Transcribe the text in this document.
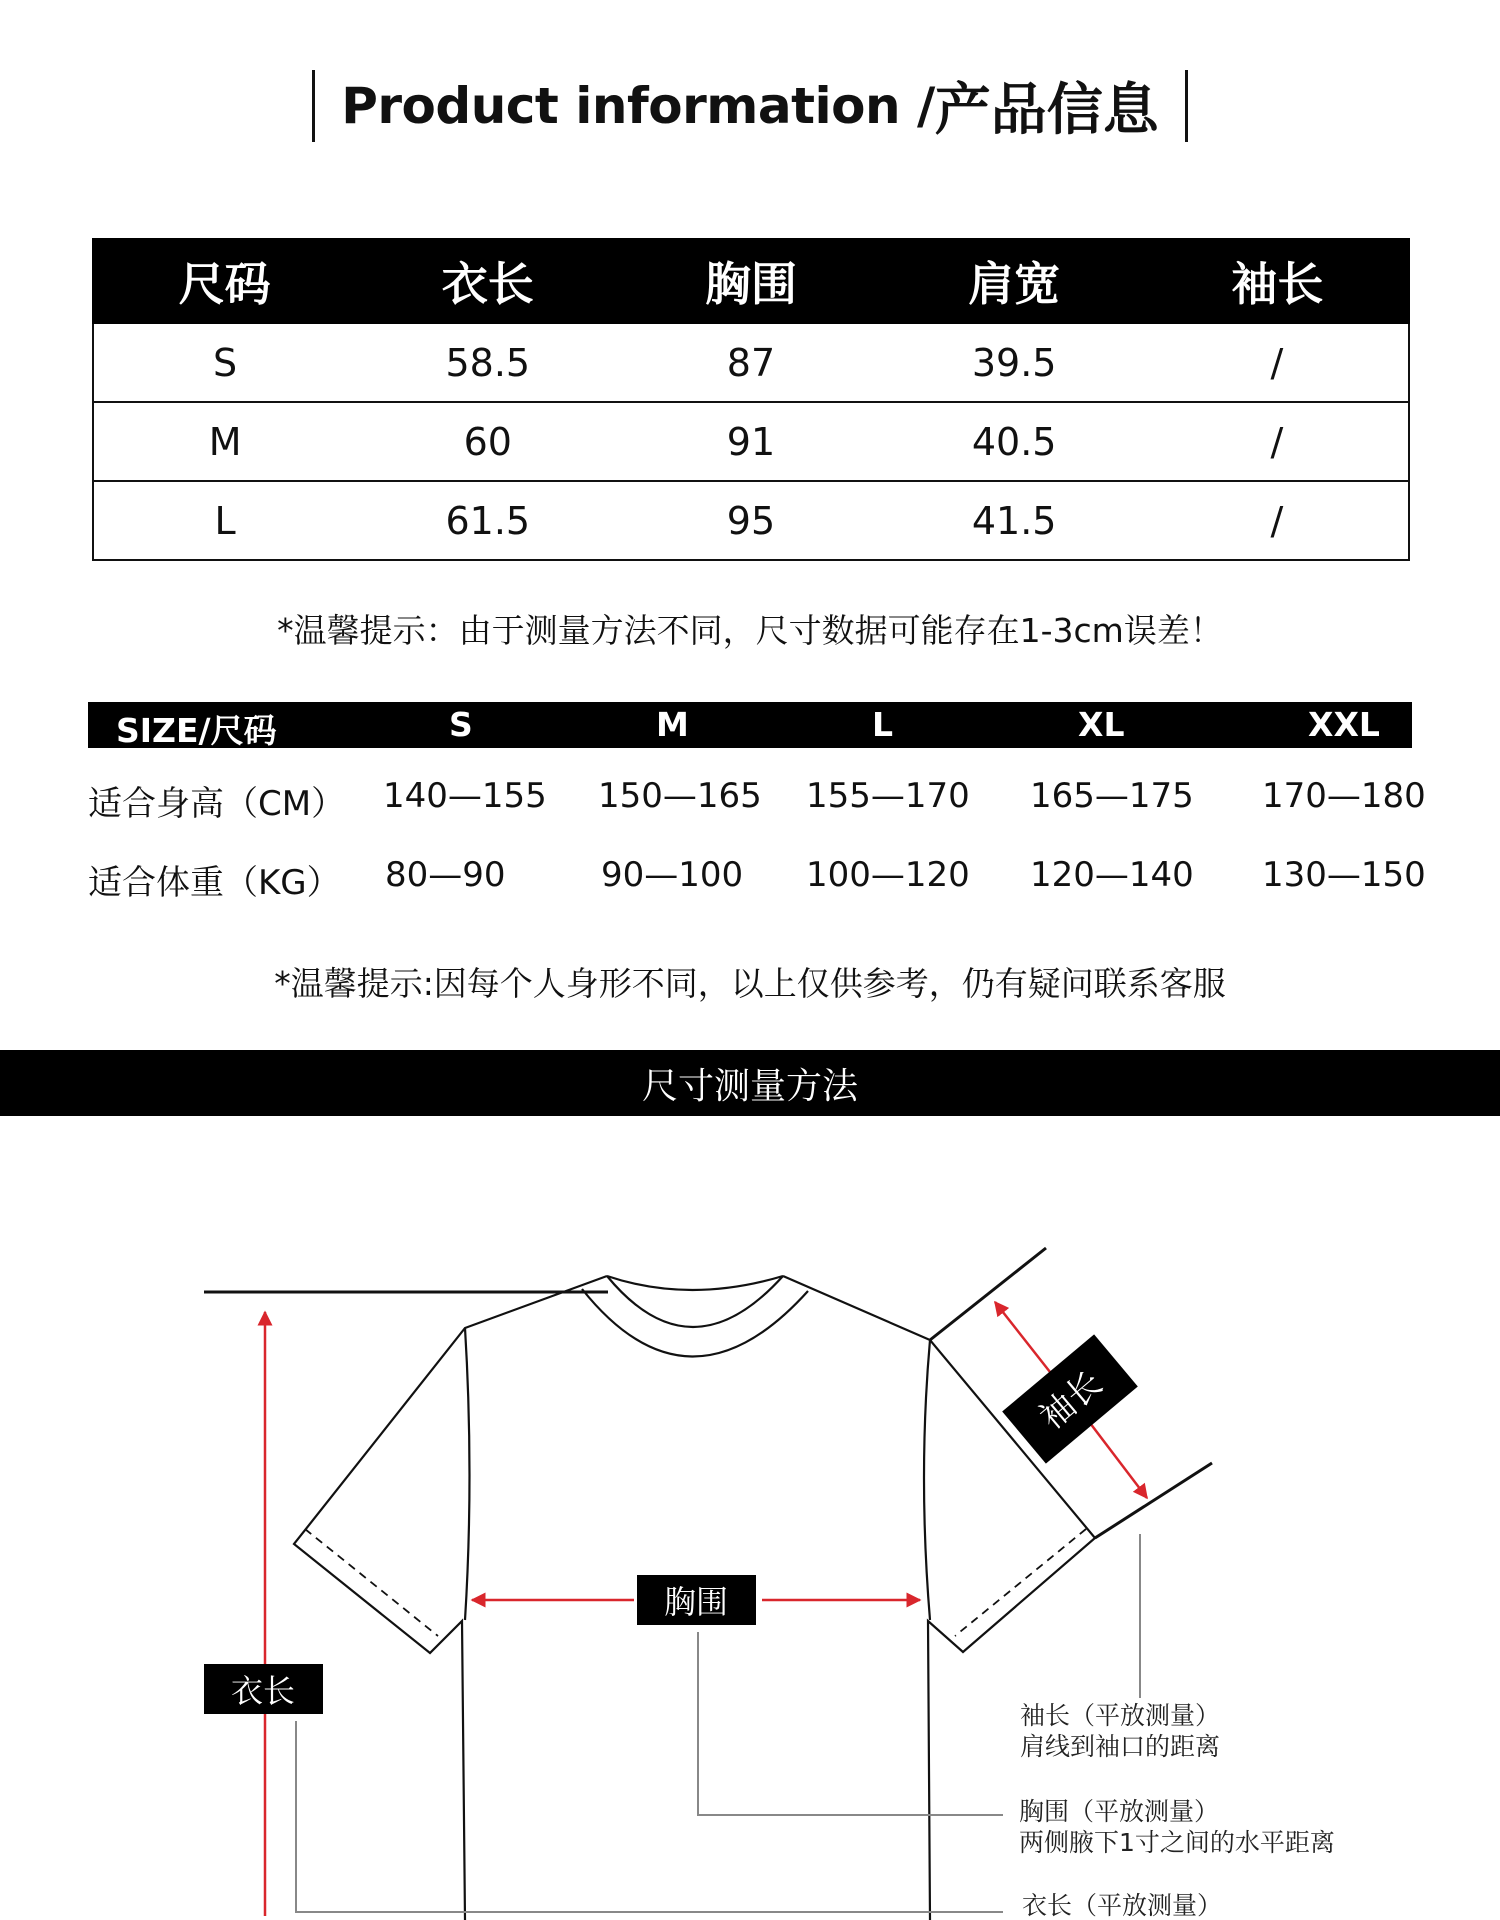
Product information / 产品信息
尺码	衣长	胸围	肩宽	袖长
S	58.5	87	39.5	/
M	60	91	40.5	/
L	61.5	95	41.5	/
*温馨提示：由于测量方法不同，尺寸数据可能存在1-3cm误差！
SIZE/尺码	S	M	L	XL	XXL
适合身高（CM） 140—155 150—165 155—170 165—175 170—180
适合体重（KG） 80—90	90—100 100—120 120—140 130—150
*温馨提示:因每个人身形不同，以上仅供参考，仍有疑问联系客服
尺寸测量方法
袖长
胸围
衣长
袖长（平放测量）
肩线到袖口的距离
胸围（平放测量）
两侧腋下1寸之间的水平距离
衣长（平放测量）
